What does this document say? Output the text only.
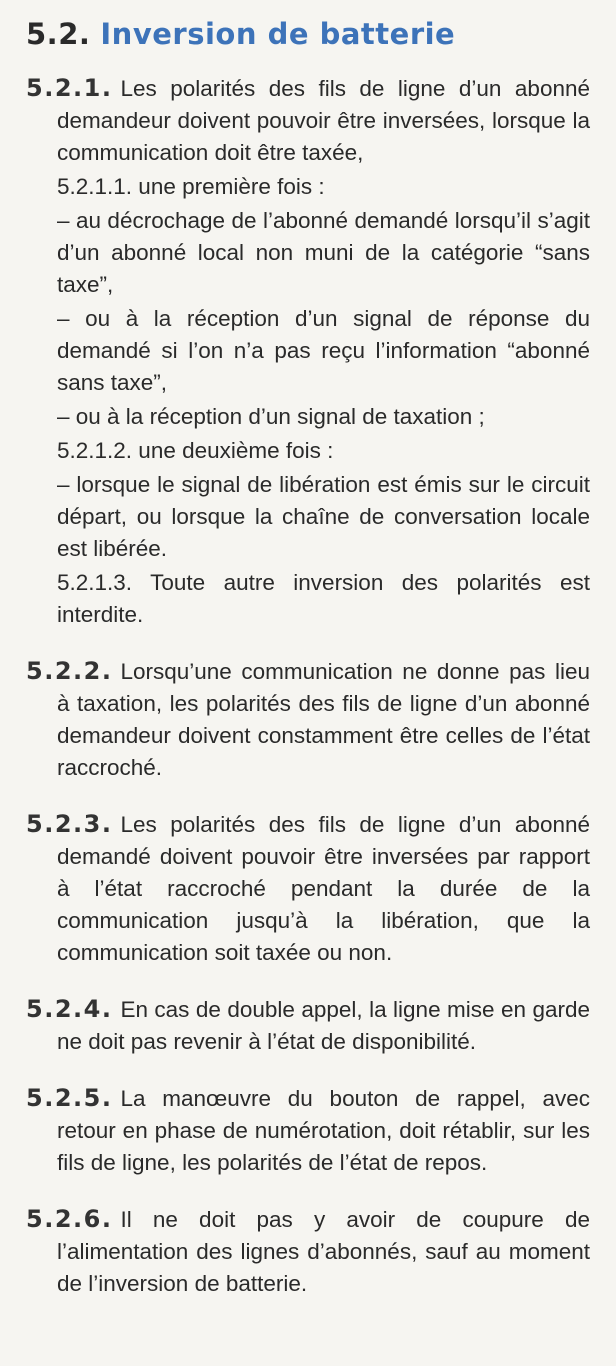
5.2. Inversion de batterie

5.2.1. Les polarités des fils de ligne d’un abonné demandeur doivent pouvoir être inversées, lorsque la communication doit être taxée,

5.2.1.1. une première fois :

– au décrochage de l’abonné demandé lorsqu’il s’agit d’un abonné local non muni de la catégorie “sans taxe”,

– ou à la réception d’un signal de réponse du demandé si l’on n’a pas reçu l’information “abonné sans taxe”,

– ou à la réception d’un signal de taxation ;

5.2.1.2. une deuxième fois :

– lorsque le signal de libération est émis sur le circuit départ, ou lorsque la chaîne de conversation locale est libérée.

5.2.1.3. Toute autre inversion des polarités est interdite.

5.2.2. Lorsqu’une communication ne donne pas lieu à taxation, les polarités des fils de ligne d’un abonné demandeur doivent constamment être celles de l’état raccroché.

5.2.3. Les polarités des fils de ligne d’un abonné demandé doivent pouvoir être inversées par rapport à l’état raccroché pendant la durée de la communication jusqu’à la libération, que la communication soit taxée ou non.

5.2.4. En cas de double appel, la ligne mise en garde ne doit pas revenir à l’état de disponibilité.

5.2.5. La manœuvre du bouton de rappel, avec retour en phase de numérotation, doit rétablir, sur les fils de ligne, les polarités de l’état de repos.

5.2.6. Il ne doit pas y avoir de coupure de l’alimentation des lignes d’abonnés, sauf au moment de l’inversion de batterie.
